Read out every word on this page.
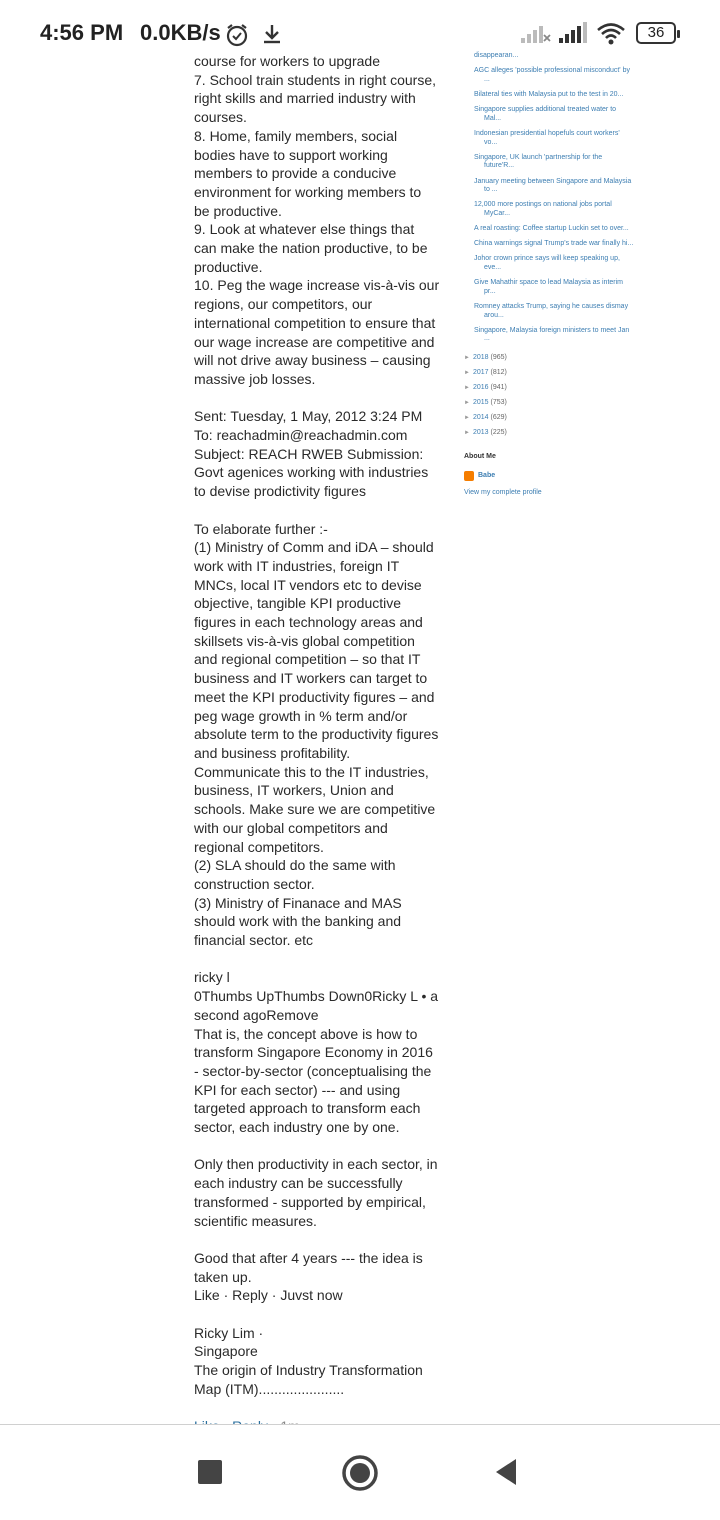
4:56 PM 0.0KB/s	36

course for workers to upgrade
7. School train students in right course, right skills and married industry with courses.
8. Home, family members, social bodies have to support working members to provide a conducive environment for working members to be productive.
9. Look at whatever else things that can make the nation productive, to be productive.
10. Peg the wage increase vis-à-vis our regions, our competitors, our international competition to ensure that our wage increase are competitive and will not drive away business – causing massive job losses.

Sent: Tuesday, 1 May, 2012 3:24 PM
To: reachadmin@reachadmin.com
Subject: REACH RWEB Submission: Govt agenices working with industries to devise prodictivity figures

To elaborate further :-
(1) Ministry of Comm and iDA – should work with IT industries, foreign IT MNCs, local IT vendors etc to devise objective, tangible KPI productive figures in each technology areas and skillsets vis-à-vis global competition and regional competition – so that IT business and IT workers can target to meet the KPI productivity figures – and peg wage growth in % term and/or absolute term to the productivity figures and business profitability. Communicate this to the IT industries, business, IT workers, Union and schools. Make sure we are competitive with our global competitors and regional competitors.
(2) SLA should do the same with construction sector.
(3) Ministry of Finanace and MAS should work with the banking and financial sector. etc

ricky l
0Thumbs UpThumbs Down0Ricky L • a second agoRemove
That is, the concept above is how to transform Singapore Economy in 2016 - sector-by-sector (conceptualising the KPI for each sector) --- and using targeted approach to transform each sector, each industry one by one.

Only then productivity in each sector, in each industry can be successfully transformed - supported by empirical, scientific measures.

Good that after 4 years --- the idea is taken up.
Like · Reply · Juvst now

Ricky Lim ·
Singapore
The origin of Industry Transformation Map (ITM)......................

disappearan...
AGC alleges 'possible professional misconduct' by ...
Bilateral ties with Malaysia put to the test in 20...
Singapore supplies additional treated water to Mal...
Indonesian presidential hopefuls court workers' vo...
Singapore, UK launch 'partnership for the future'R...
January meeting between Singapore and Malaysia to ...
12,000 more postings on national jobs portal MyCar...
A real roasting: Coffee startup Luckin set to over...
China warnings signal Trump's trade war finally hi...
Johor crown prince says will keep speaking up, eve...
Give Mahathir space to lead Malaysia as interim pr...
Romney attacks Trump, saying he causes dismay arou...
Singapore, Malaysia foreign ministers to meet Jan ...
► 2018 (965)
► 2017 (812)
► 2016 (941)
► 2015 (753)
► 2014 (629)
► 2013 (225)
About Me
Babe
View my complete profile
